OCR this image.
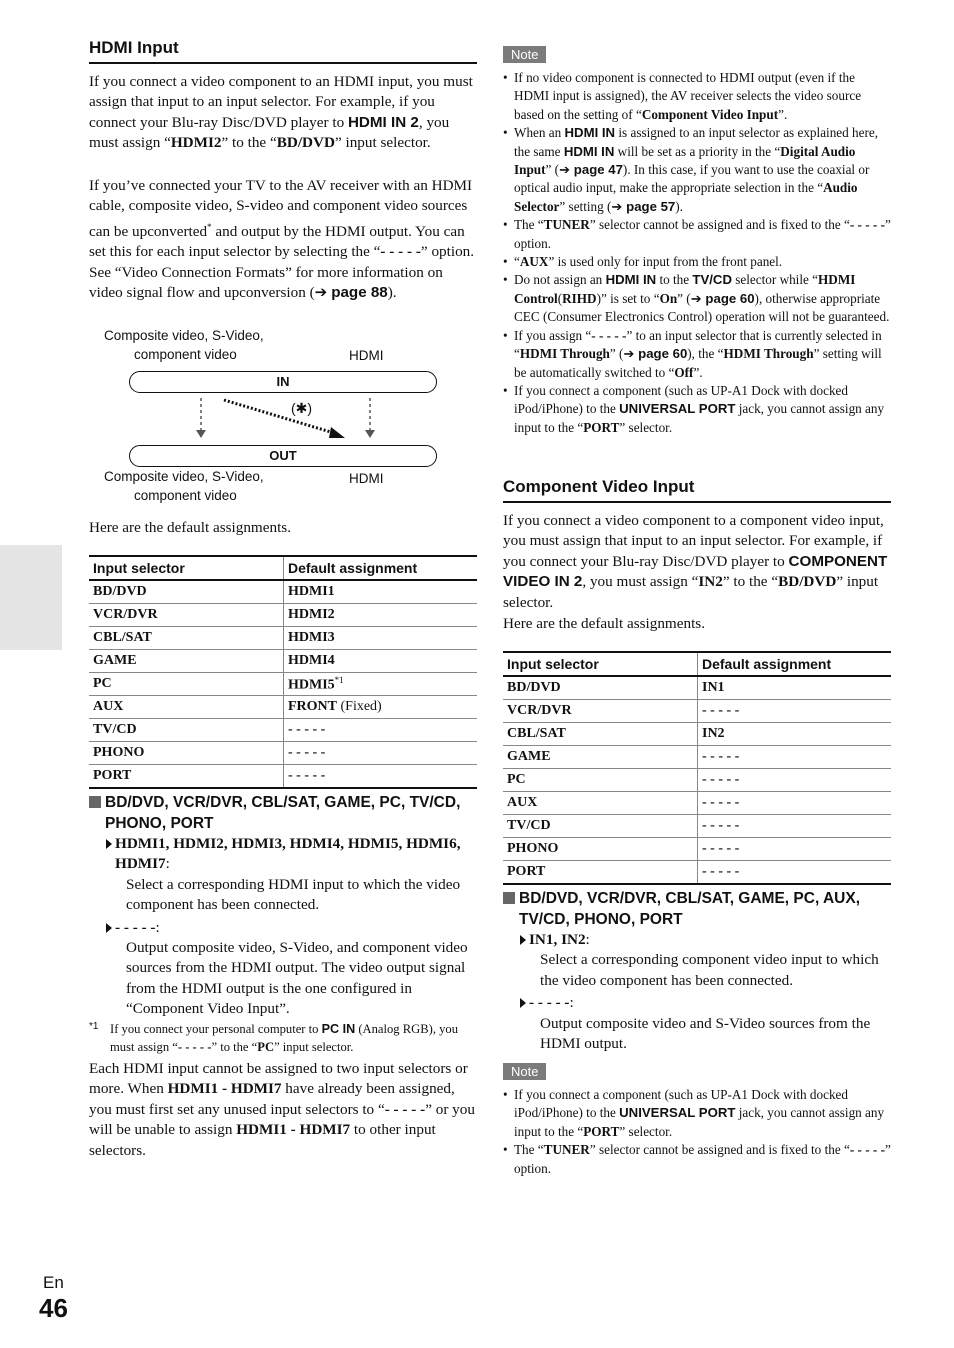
HDMI Input
If you connect a video component to an HDMI input, you must assign that input to an input selector. For example, if you connect your Blu-ray Disc/DVD player to HDMI IN 2, you must assign “HDMI2” to the “BD/DVD” input selector.
If you’ve connected your TV to the AV receiver with an HDMI cable, composite video, S-video and component video sources can be upconverted* and output by the HDMI output. You can set this for each input selector by selecting the “- - - - -” option. See “Video Connection Formats” for more information on video signal flow and upconversion (➔ page 88).
Composite video, S-Video,
component video	HDMI
IN
(✱)
OUT
Composite video, S-Video,
component video
HDMI
Here are the default assignments.
Input selector	Default assignment
BD/DVD	HDMI1
VCR/DVR	HDMI2
CBL/SAT	HDMI3
GAME	HDMI4
PC	HDMI5$^{*1}$
AUX	FRONT (Fixed)
TV/CD	- - - - -
PHONO	- - - - -
PORT	- - - - -
BD/DVD, VCR/DVR, CBL/SAT, GAME, PC, TV/CD, PHONO, PORT
HDMI1, HDMI2, HDMI3, HDMI4, HDMI5, HDMI6, HDMI7:
Select a corresponding HDMI input to which the video component has been connected.
- - - - -:
Output composite video, S-Video, and component video sources from the HDMI output. The video output signal from the HDMI output is the one configured in “Component Video Input”.
*1 If you connect your personal computer to PC IN (Analog RGB), you must assign “- - - - -” to the “PC” input selector.
Each HDMI input cannot be assigned to two input selectors or more. When HDMI1 - HDMI7 have already been assigned, you must first set any unused input selectors to “- - - - -” or you will be unable to assign HDMI1 - HDMI7 to other input selectors.
Note
• If no video component is connected to HDMI output (even if the HDMI input is assigned), the AV receiver selects the video source based on the setting of “Component Video Input”.
• When an HDMI IN is assigned to an input selector as explained here, the same HDMI IN will be set as a priority in the “Digital Audio Input” (➔ page 47). In this case, if you want to use the coaxial or optical audio input, make the appropriate selection in the “Audio Selector” setting (➔ page 57).
• The “TUNER” selector cannot be assigned and is fixed to the “- - - - -” option.
• “AUX” is used only for input from the front panel.
• Do not assign an HDMI IN to the TV/CD selector while “HDMI Control(RIHD)” is set to “On” (➔ page 60), otherwise appropriate CEC (Consumer Electronics Control) operation will not be guaranteed.
• If you assign “- - - - -” to an input selector that is currently selected in “HDMI Through” (➔ page 60), the “HDMI Through” setting will be automatically switched to “Off”.
• If you connect a component (such as UP-A1 Dock with docked iPod/iPhone) to the UNIVERSAL PORT jack, you cannot assign any input to the “PORT” selector.
Component Video Input
If you connect a video component to a component video input, you must assign that input to an input selector. For example, if you connect your Blu-ray Disc/DVD player to COMPONENT VIDEO IN 2, you must assign “IN2” to the “BD/DVD” input selector.
Here are the default assignments.
Input selector	Default assignment
BD/DVD	IN1
VCR/DVR	- - - - -
CBL/SAT	IN2
GAME	- - - - -
PC	- - - - -
AUX	- - - - -
TV/CD	- - - - -
PHONO	- - - - -
PORT	- - - - -
BD/DVD, VCR/DVR, CBL/SAT, GAME, PC, AUX, TV/CD, PHONO, PORT
IN1, IN2:
Select a corresponding component video input to which the video component has been connected.
- - - - -:
Output composite video and S-Video sources from the HDMI output.
Note
• If you connect a component (such as UP-A1 Dock with docked iPod/iPhone) to the UNIVERSAL PORT jack, you cannot assign any input to the “PORT” selector.
• The “TUNER” selector cannot be assigned and is fixed to the “- - - - -” option.
En
46
